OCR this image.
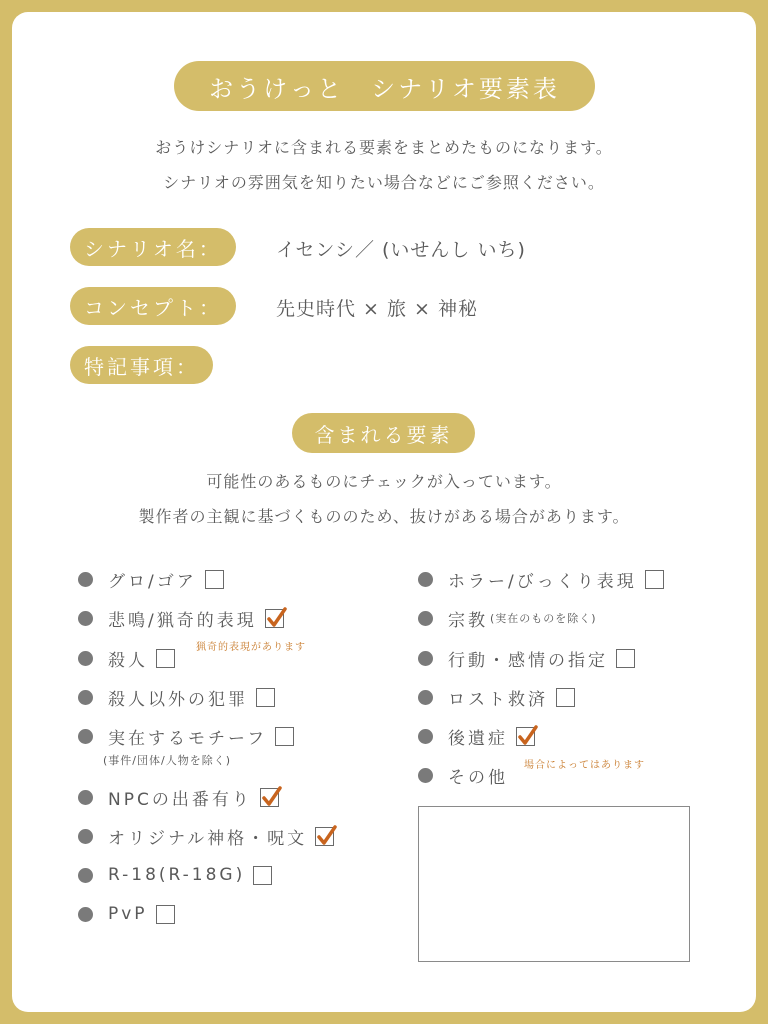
おうけっと　シナリオ要素表
おうけシナリオに含まれる要素をまとめたものになります。
シナリオの雰囲気を知りたい場合などにご参照ください。
シナリオ名：	イセンシ／ (いせんし いち)
コンセプト：	先史時代 × 旅 × 神秘
特記事項：
含まれる要素
可能性のあるものにチェックが入っています。
製作者の主観に基づくもののため、抜けがある場合があります。
グロ/ゴア
悲鳴/猟奇的表現
猟奇的表現があります
殺人
殺人以外の犯罪
実在するモチーフ
(事件/団体/人物を除く)
NPCの出番有り
オリジナル神格・呪文
R-18(R-18G)
PvP
ホラー/びっくり表現
宗教 (実在のものを除く)
行動・感情の指定
ロスト救済
後遺症
場合によってはあります
その他
